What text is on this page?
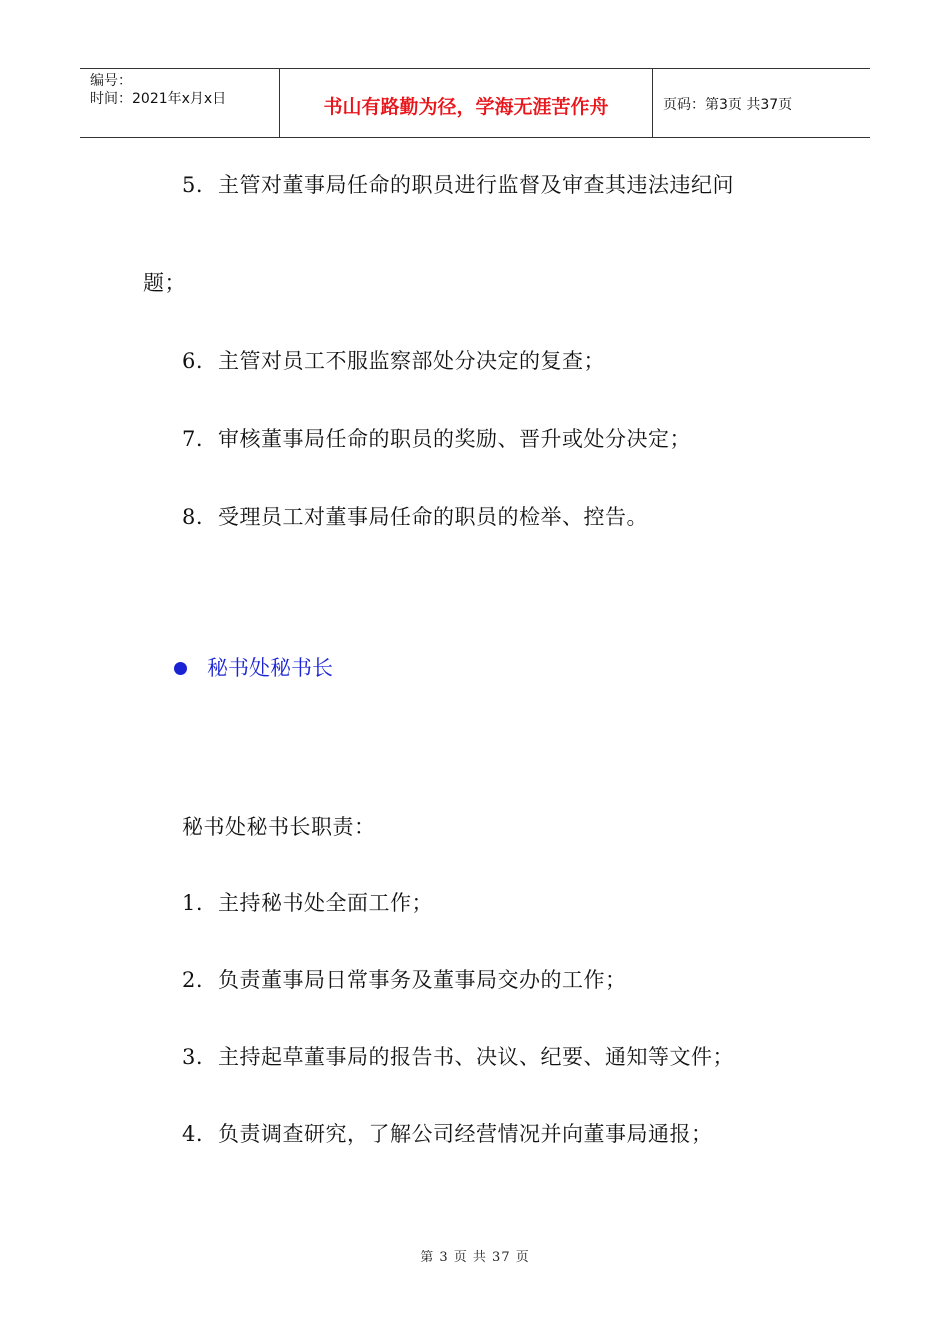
编号：
时间：2021年x月x日	书山有路勤为径，学海无涯苦作舟	页码：第3页 共37页
5. 主管对董事局任命的职员进行监督及审查其违法违纪问
题；
6. 主管对员工不服监察部处分决定的复查；
7. 审核董事局任命的职员的奖励、晋升或处分决定；
8. 受理员工对董事局任命的职员的检举、控告。
秘书处秘书长
秘书处秘书长职责：
1. 主持秘书处全面工作；
2. 负责董事局日常事务及董事局交办的工作；
3. 主持起草董事局的报告书、决议、纪要、通知等文件；
4. 负责调查研究，了解公司经营情况并向董事局通报；
第 3 页 共 37 页
